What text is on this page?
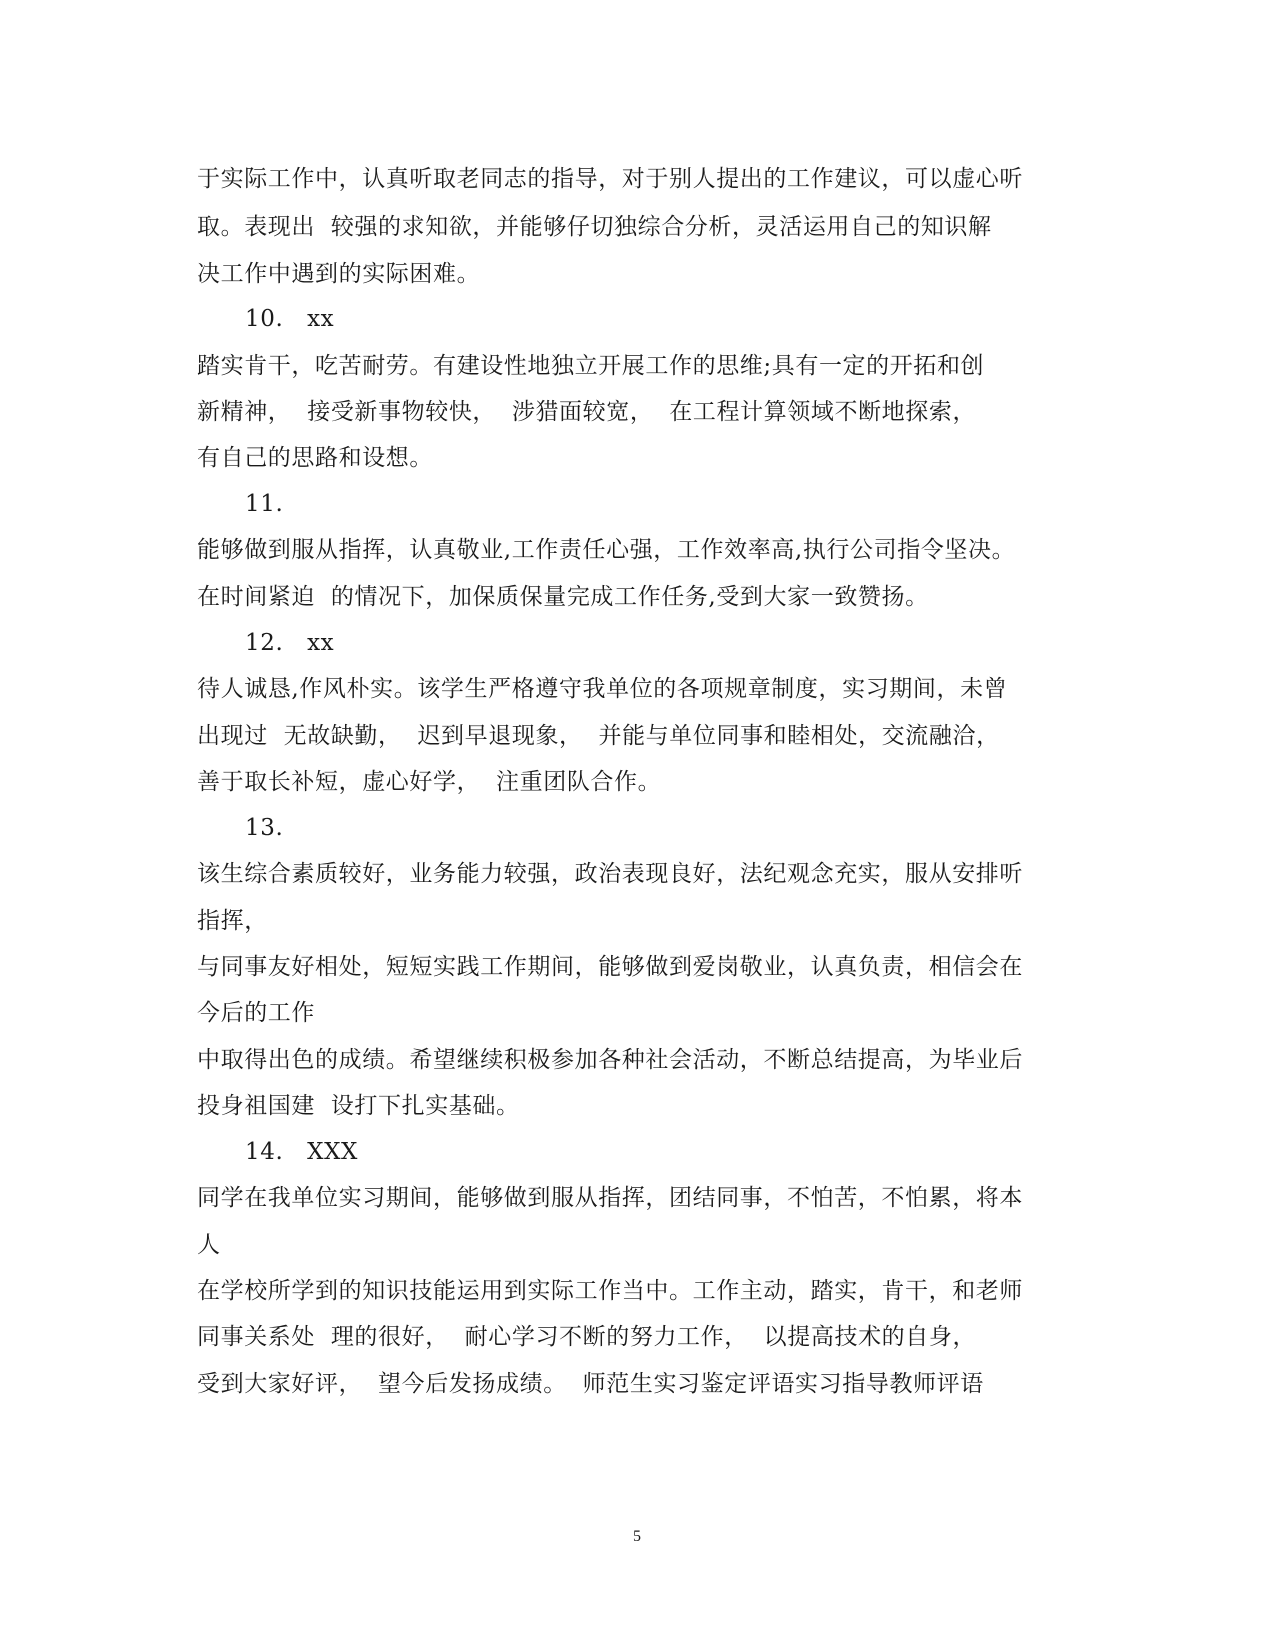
于实际工作中，认真听取老同志的指导，对于别人提出的工作建议，可以虚心听
取。表现出  较强的求知欲，并能够仔切独综合分析，灵活运用自己的知识解
决工作中遇到的实际困难。
10.   xx
踏实肯干，吃苦耐劳。有建设性地独立开展工作的思维;具有一定的开拓和创
新精神，  接受新事物较快，  涉猎面较宽，  在工程计算领域不断地探索，
有自己的思路和设想。
11.
能够做到服从指挥，认真敬业,工作责任心强，工作效率高,执行公司指令坚决。
在时间紧迫  的情况下，加保质保量完成工作任务,受到大家一致赞扬。
12.   xx
待人诚恳,作风朴实。该学生严格遵守我单位的各项规章制度，实习期间，未曾
出现过  无故缺勤，  迟到早退现象，  并能与单位同事和睦相处，交流融洽，
善于取长补短，虚心好学，  注重团队合作。
13.
该生综合素质较好，业务能力较强，政治表现良好，法纪观念充实，服从安排听
指挥，
与同事友好相处，短短实践工作期间，能够做到爱岗敬业，认真负责，相信会在
今后的工作
中取得出色的成绩。希望继续积极参加各种社会活动，不断总结提高，为毕业后
投身祖国建  设打下扎实基础。
14.   XXX
同学在我单位实习期间，能够做到服从指挥，团结同事，不怕苦，不怕累，将本
人
在学校所学到的知识技能运用到实际工作当中。工作主动，踏实，肯干，和老师
同事关系处  理的很好，  耐心学习不断的努力工作，  以提高技术的自身，
受到大家好评，  望今后发扬成绩。  师范生实习鉴定评语实习指导教师评语
5
